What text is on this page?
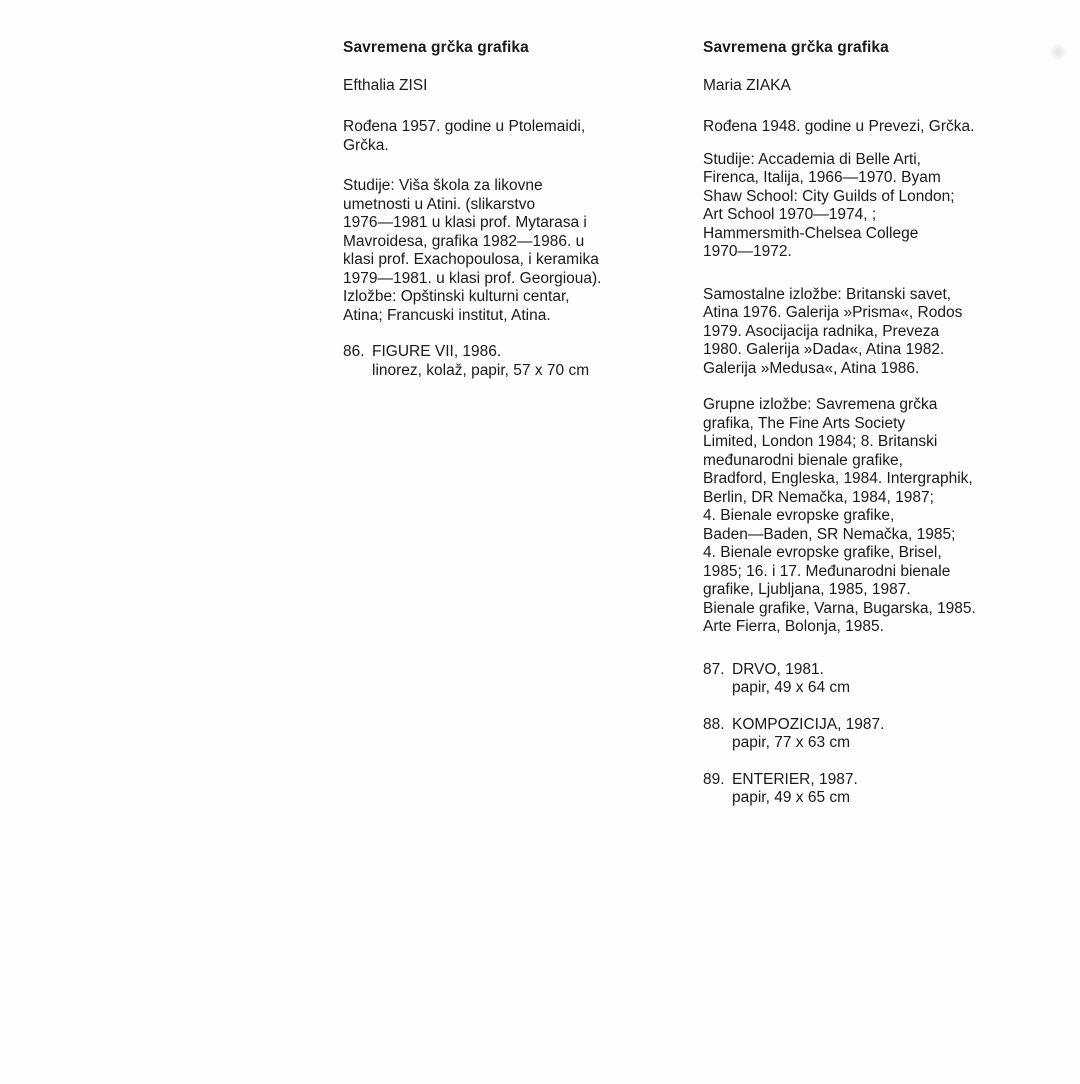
Savremena grčka grafika
Efthalia ZISI
Rođena 1957. godine u Ptolemaidi,
Grčka.
Studije: Viša škola za likovne
umetnosti u Atini. (slikarstvo
1976—1981 u klasi prof. Mytarasa i
Mavroidesa, grafika 1982—1986. u
klasi prof. Exachopoulosa, i keramika
1979—1981. u klasi prof. Georgioua).
Izložbe: Opštinski kulturni centar,
Atina; Francuski institut, Atina.
86. FIGURE VII, 1986.
linorez, kolaž, papir, 57 x 70 cm
Savremena grčka grafika
Maria ZIAKA
Rođena 1948. godine u Prevezi, Grčka.
Studije: Accademia di Belle Arti,
Firenca, Italija, 1966—1970. Byam
Shaw School: City Guilds of London;
Art School 1970—1974, ;
Hammersmith-Chelsea College
1970—1972.
Samostalne izložbe: Britanski savet,
Atina 1976. Galerija »Prisma«, Rodos
1979. Asocijacija radnika, Preveza
1980. Galerija »Dada«, Atina 1982.
Galerija »Medusa«, Atina 1986.
Grupne izložbe: Savremena grčka
grafika, The Fine Arts Society
Limited, London 1984; 8. Britanski
međunarodni bienale grafike,
Bradford, Engleska, 1984. Intergraphik,
Berlin, DR Nemačka, 1984, 1987;
4. Bienale evropske grafike,
Baden—Baden, SR Nemačka, 1985;
4. Bienale evropske grafike, Brisel,
1985; 16. i 17. Međunarodni bienale
grafike, Ljubljana, 1985, 1987.
Bienale grafike, Varna, Bugarska, 1985.
Arte Fierra, Bolonja, 1985.
87. DRVO, 1981.
papir, 49 x 64 cm
88. KOMPOZICIJA, 1987.
papir, 77 x 63 cm
89. ENTERIER, 1987.
papir, 49 x 65 cm
